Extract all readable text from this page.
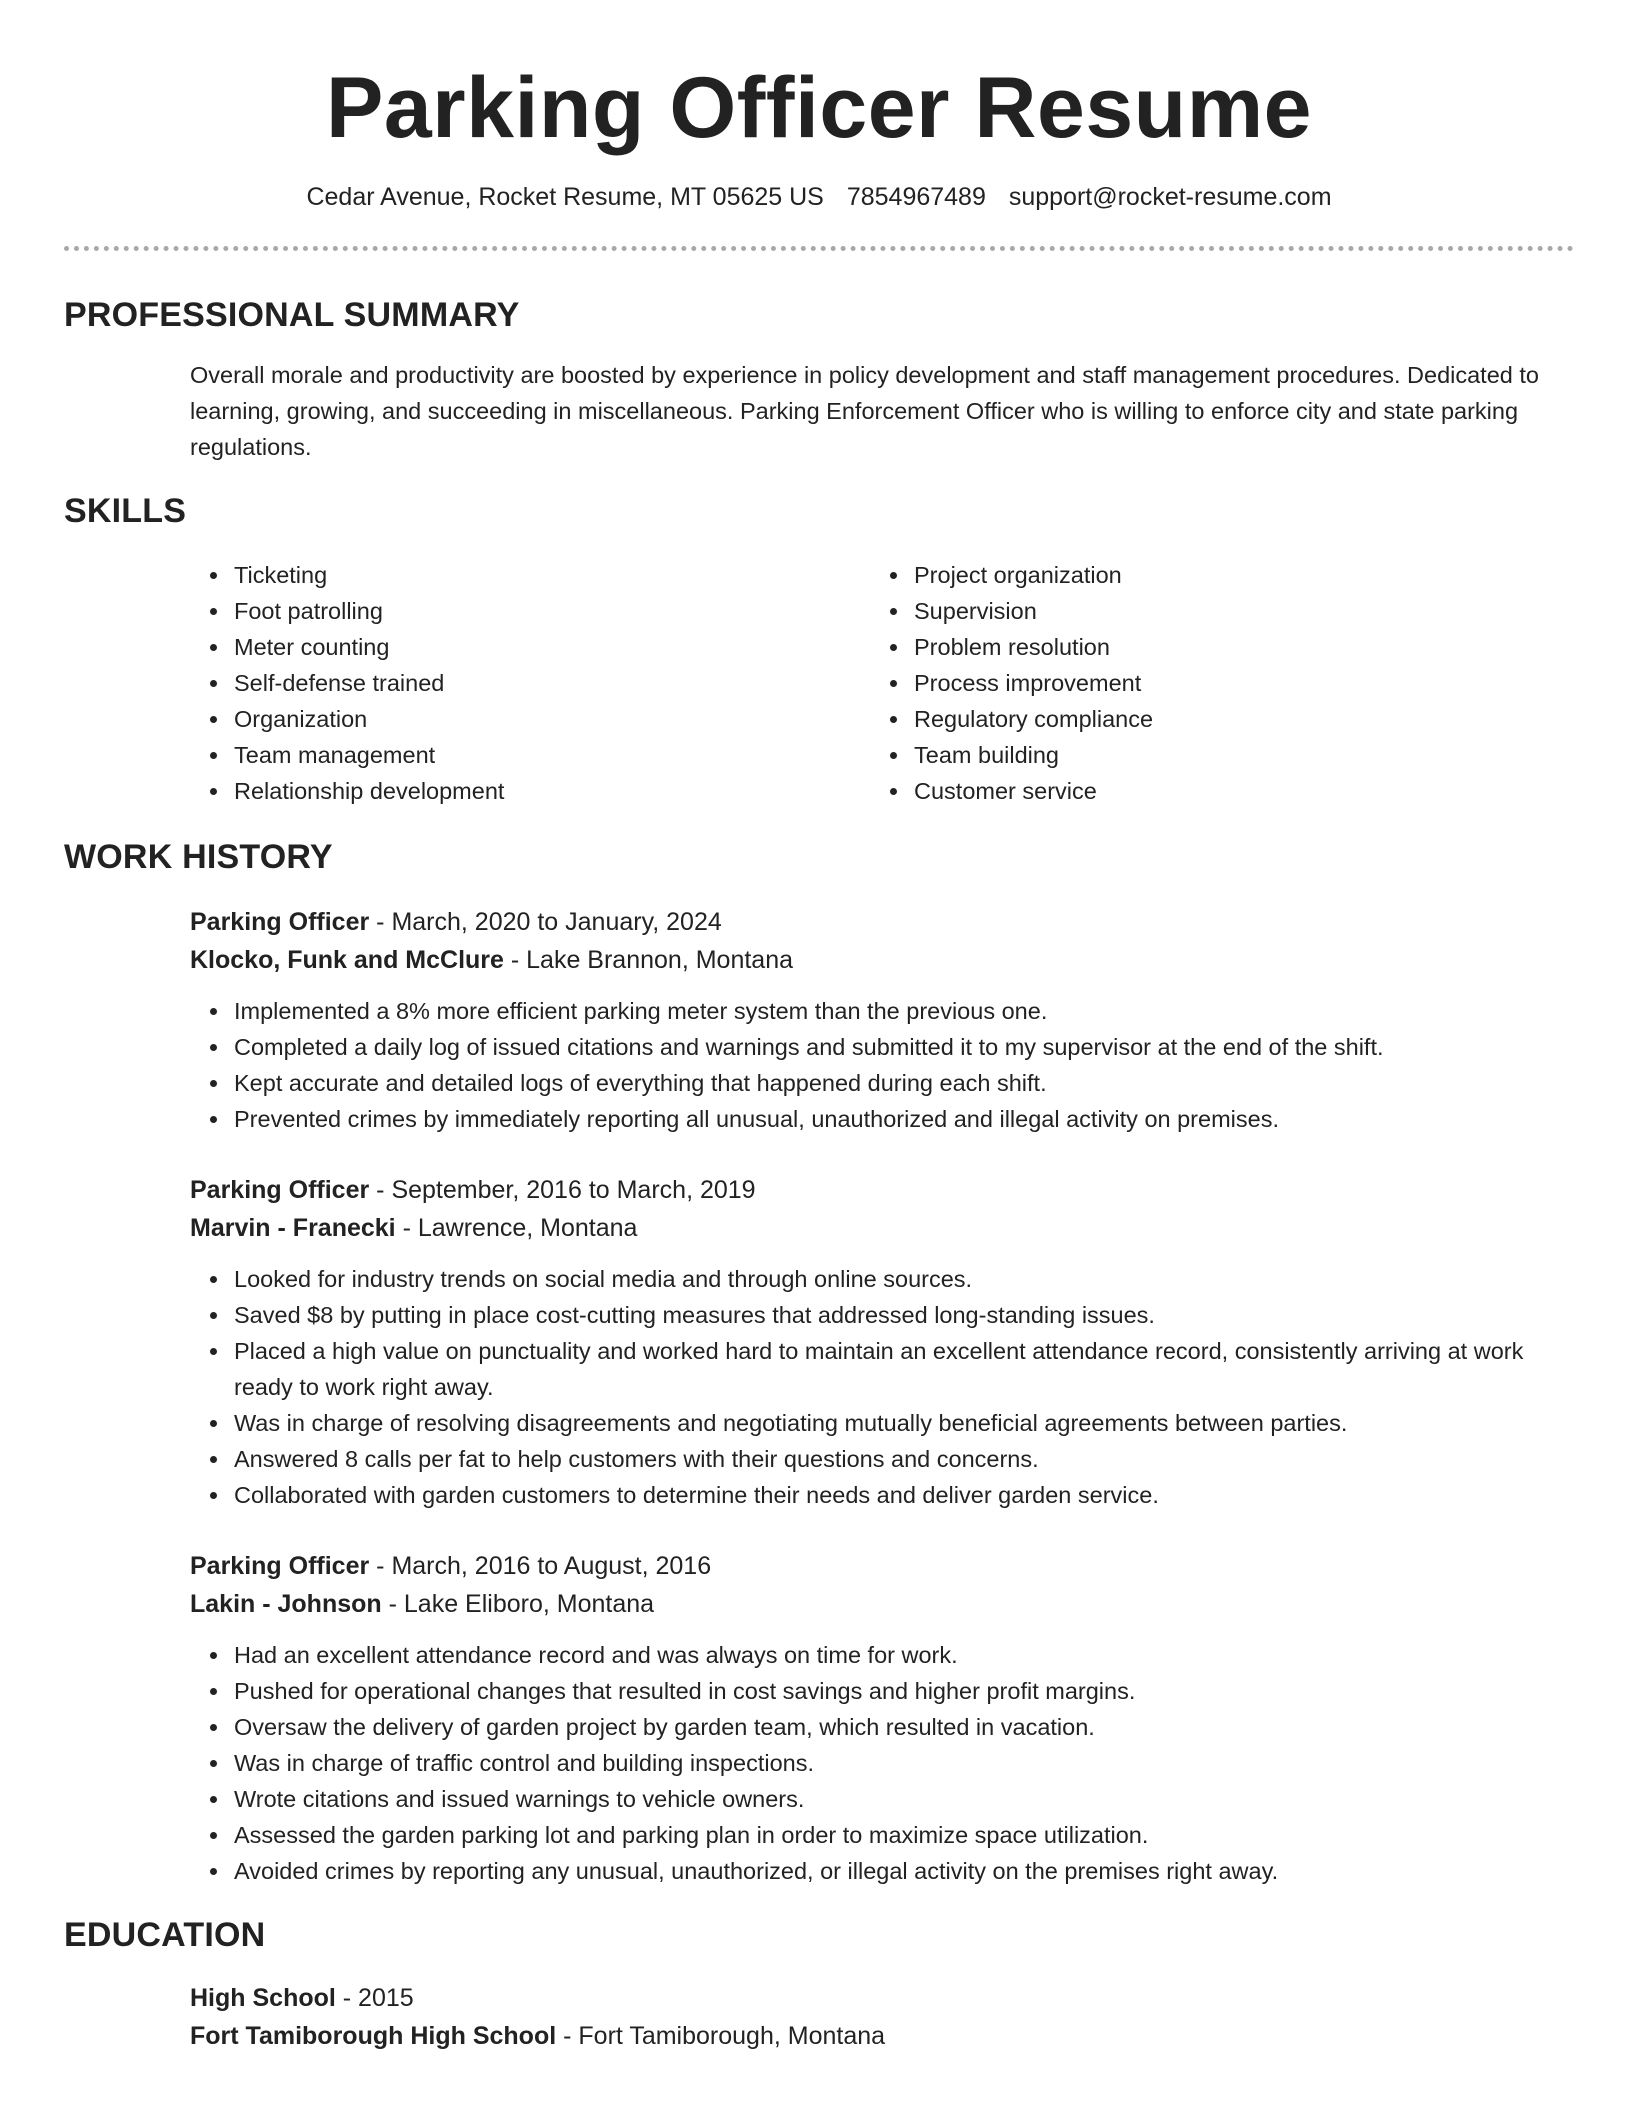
Parking Officer Resume
Cedar Avenue, Rocket Resume, MT 05625 US 7854967489 support@rocket-resume.com
PROFESSIONAL SUMMARY

Overall morale and productivity are boosted by experience in policy development and staff management procedures. Dedicated to learning, growing, and succeeding in miscellaneous. Parking Enforcement Officer who is willing to enforce city and state parking regulations.

SKILLS
Ticketing
Foot patrolling
Meter counting
Self-defense trained
Organization
Team management
Relationship development
Project organization
Supervision
Problem resolution
Process improvement
Regulatory compliance
Team building
Customer service
WORK HISTORY
Parking Officer - March, 2020 to January, 2024
Klocko, Funk and McClure - Lake Brannon, Montana
Implemented a 8% more efficient parking meter system than the previous one.
Completed a daily log of issued citations and warnings and submitted it to my supervisor at the end of the shift.
Kept accurate and detailed logs of everything that happened during each shift.
Prevented crimes by immediately reporting all unusual, unauthorized and illegal activity on premises.
Parking Officer - September, 2016 to March, 2019
Marvin - Franecki - Lawrence, Montana
Looked for industry trends on social media and through online sources.
Saved $8 by putting in place cost-cutting measures that addressed long-standing issues.
Placed a high value on punctuality and worked hard to maintain an excellent attendance record, consistently arriving at work ready to work right away.
Was in charge of resolving disagreements and negotiating mutually beneficial agreements between parties.
Answered 8 calls per fat to help customers with their questions and concerns.
Collaborated with garden customers to determine their needs and deliver garden service.
Parking Officer - March, 2016 to August, 2016
Lakin - Johnson - Lake Eliboro, Montana
Had an excellent attendance record and was always on time for work.
Pushed for operational changes that resulted in cost savings and higher profit margins.
Oversaw the delivery of garden project by garden team, which resulted in vacation.
Was in charge of traffic control and building inspections.
Wrote citations and issued warnings to vehicle owners.
Assessed the garden parking lot and parking plan in order to maximize space utilization.
Avoided crimes by reporting any unusual, unauthorized, or illegal activity on the premises right away.
EDUCATION
High School - 2015
Fort Tamiborough High School - Fort Tamiborough, Montana
